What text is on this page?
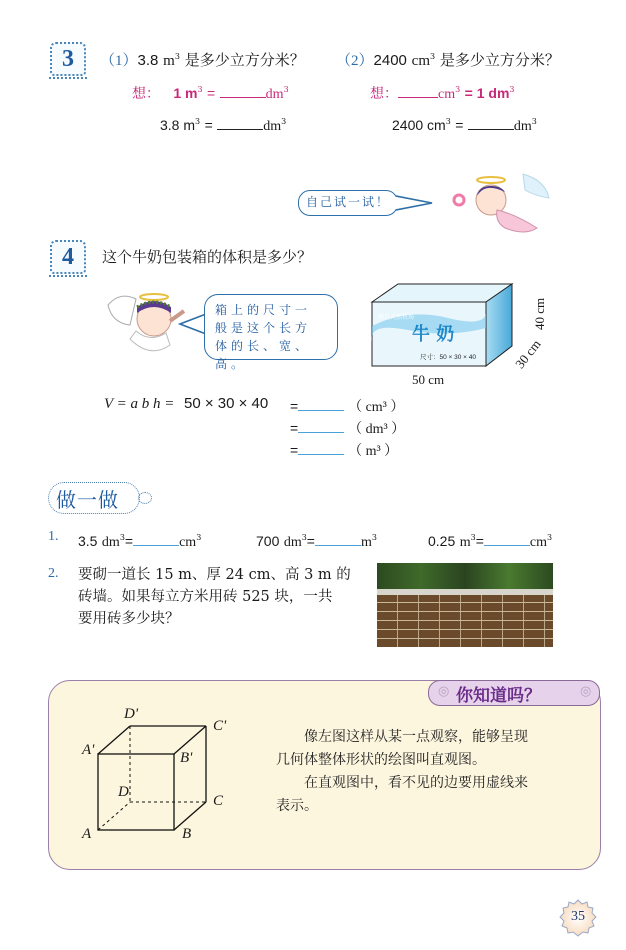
3	（1）3.8 $m^3$ 是多少立方分米？
想： 1 $m^3$ =	$dm^3$
3.8 $m^3$ =	$dm^3$
（2）2400 $cm^3$ 是多少立方分米？
想：	$cm^3 = 1$ $dm^3$
2400 $cm^3$ =	$dm^3$
自己试一试！
4	这个牛奶包装箱的体积是多少？
箱上的尺寸一
般是这个长方
体的长、宽、高。
源自天然牧场
牛 奶
尺寸：50 × 30 × 40
50 cm
30 cm
40 cm
V = a b h = 50 × 30 × 40 =	（ cm³ ）
=	（ dm³ ）
=	（ m³ ）
做一做
1. 3.5 $dm^3=$	$cm^3$	700 $dm^3=$	$m^3$	0.25 $m^3=$	$cm^3$
2. 要砌一道长 15 m、厚 24 cm、高 3 m 的
砖墙。如果每立方米用砖 525 块，一共
要用砖多少块？
◎ 你知道吗？	◎
D'
C'
A'	B'
D
C
A	B
像左图这样从某一点观察，能够呈现
几何体整体形状的绘图叫直观图。
在直观图中，看不见的边要用虚线来
表示。
35
